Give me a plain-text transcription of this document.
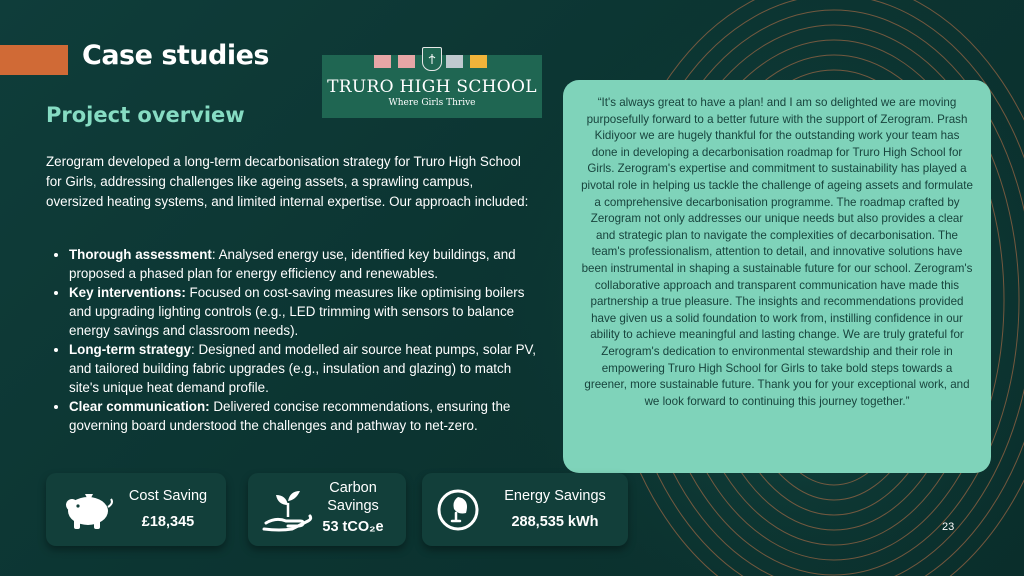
Case studies
TRURO HIGH SCHOOL
Where Girls Thrive
Project overview
Zerogram developed a long-term decarbonisation strategy for Truro High School for Girls, addressing challenges like ageing assets, a sprawling campus, oversized heating systems, and limited internal expertise. Our approach included:
• Thorough assessment: Analysed energy use, identified key buildings, and proposed a phased plan for energy efficiency and renewables.
• Key interventions: Focused on cost-saving measures like optimising boilers and upgrading lighting controls (e.g., LED trimming with sensors to balance energy savings and classroom needs).
• Long-term strategy: Designed and modelled air source heat pumps, solar PV, and tailored building fabric upgrades (e.g., insulation and glazing) to match site's unique heat demand profile.
• Clear communication: Delivered concise recommendations, ensuring the governing board understood the challenges and pathway to net-zero.
“It's always great to have a plan! and I am so delighted we are moving purposefully forward to a better future with the support of Zerogram. Prash Kidiyoor we are hugely thankful for the outstanding work your team has done in developing a decarbonisation roadmap for Truro High School for Girls. Zerogram's expertise and commitment to sustainability has played a pivotal role in helping us tackle the challenge of ageing assets and formulate a comprehensive decarbonisation programme. The roadmap crafted by Zerogram not only addresses our unique needs but also provides a clear and strategic plan to navigate the complexities of decarbonisation. The team's professionalism, attention to detail, and innovative solutions have been instrumental in shaping a sustainable future for our school. Zerogram's collaborative approach and transparent communication have made this partnership a true pleasure. The insights and recommendations provided have given us a solid foundation to work from, instilling confidence in our ability to achieve meaningful and lasting change. We are truly grateful for Zerogram's dedication to environmental stewardship and their role in empowering Truro High School for Girls to take bold steps towards a greener, more sustainable future. Thank you for your exceptional work, and we look forward to continuing this journey together.”
Cost Saving
£18,345
Carbon Savings
53 tCO₂e
Energy Savings
288,535 kWh	23
